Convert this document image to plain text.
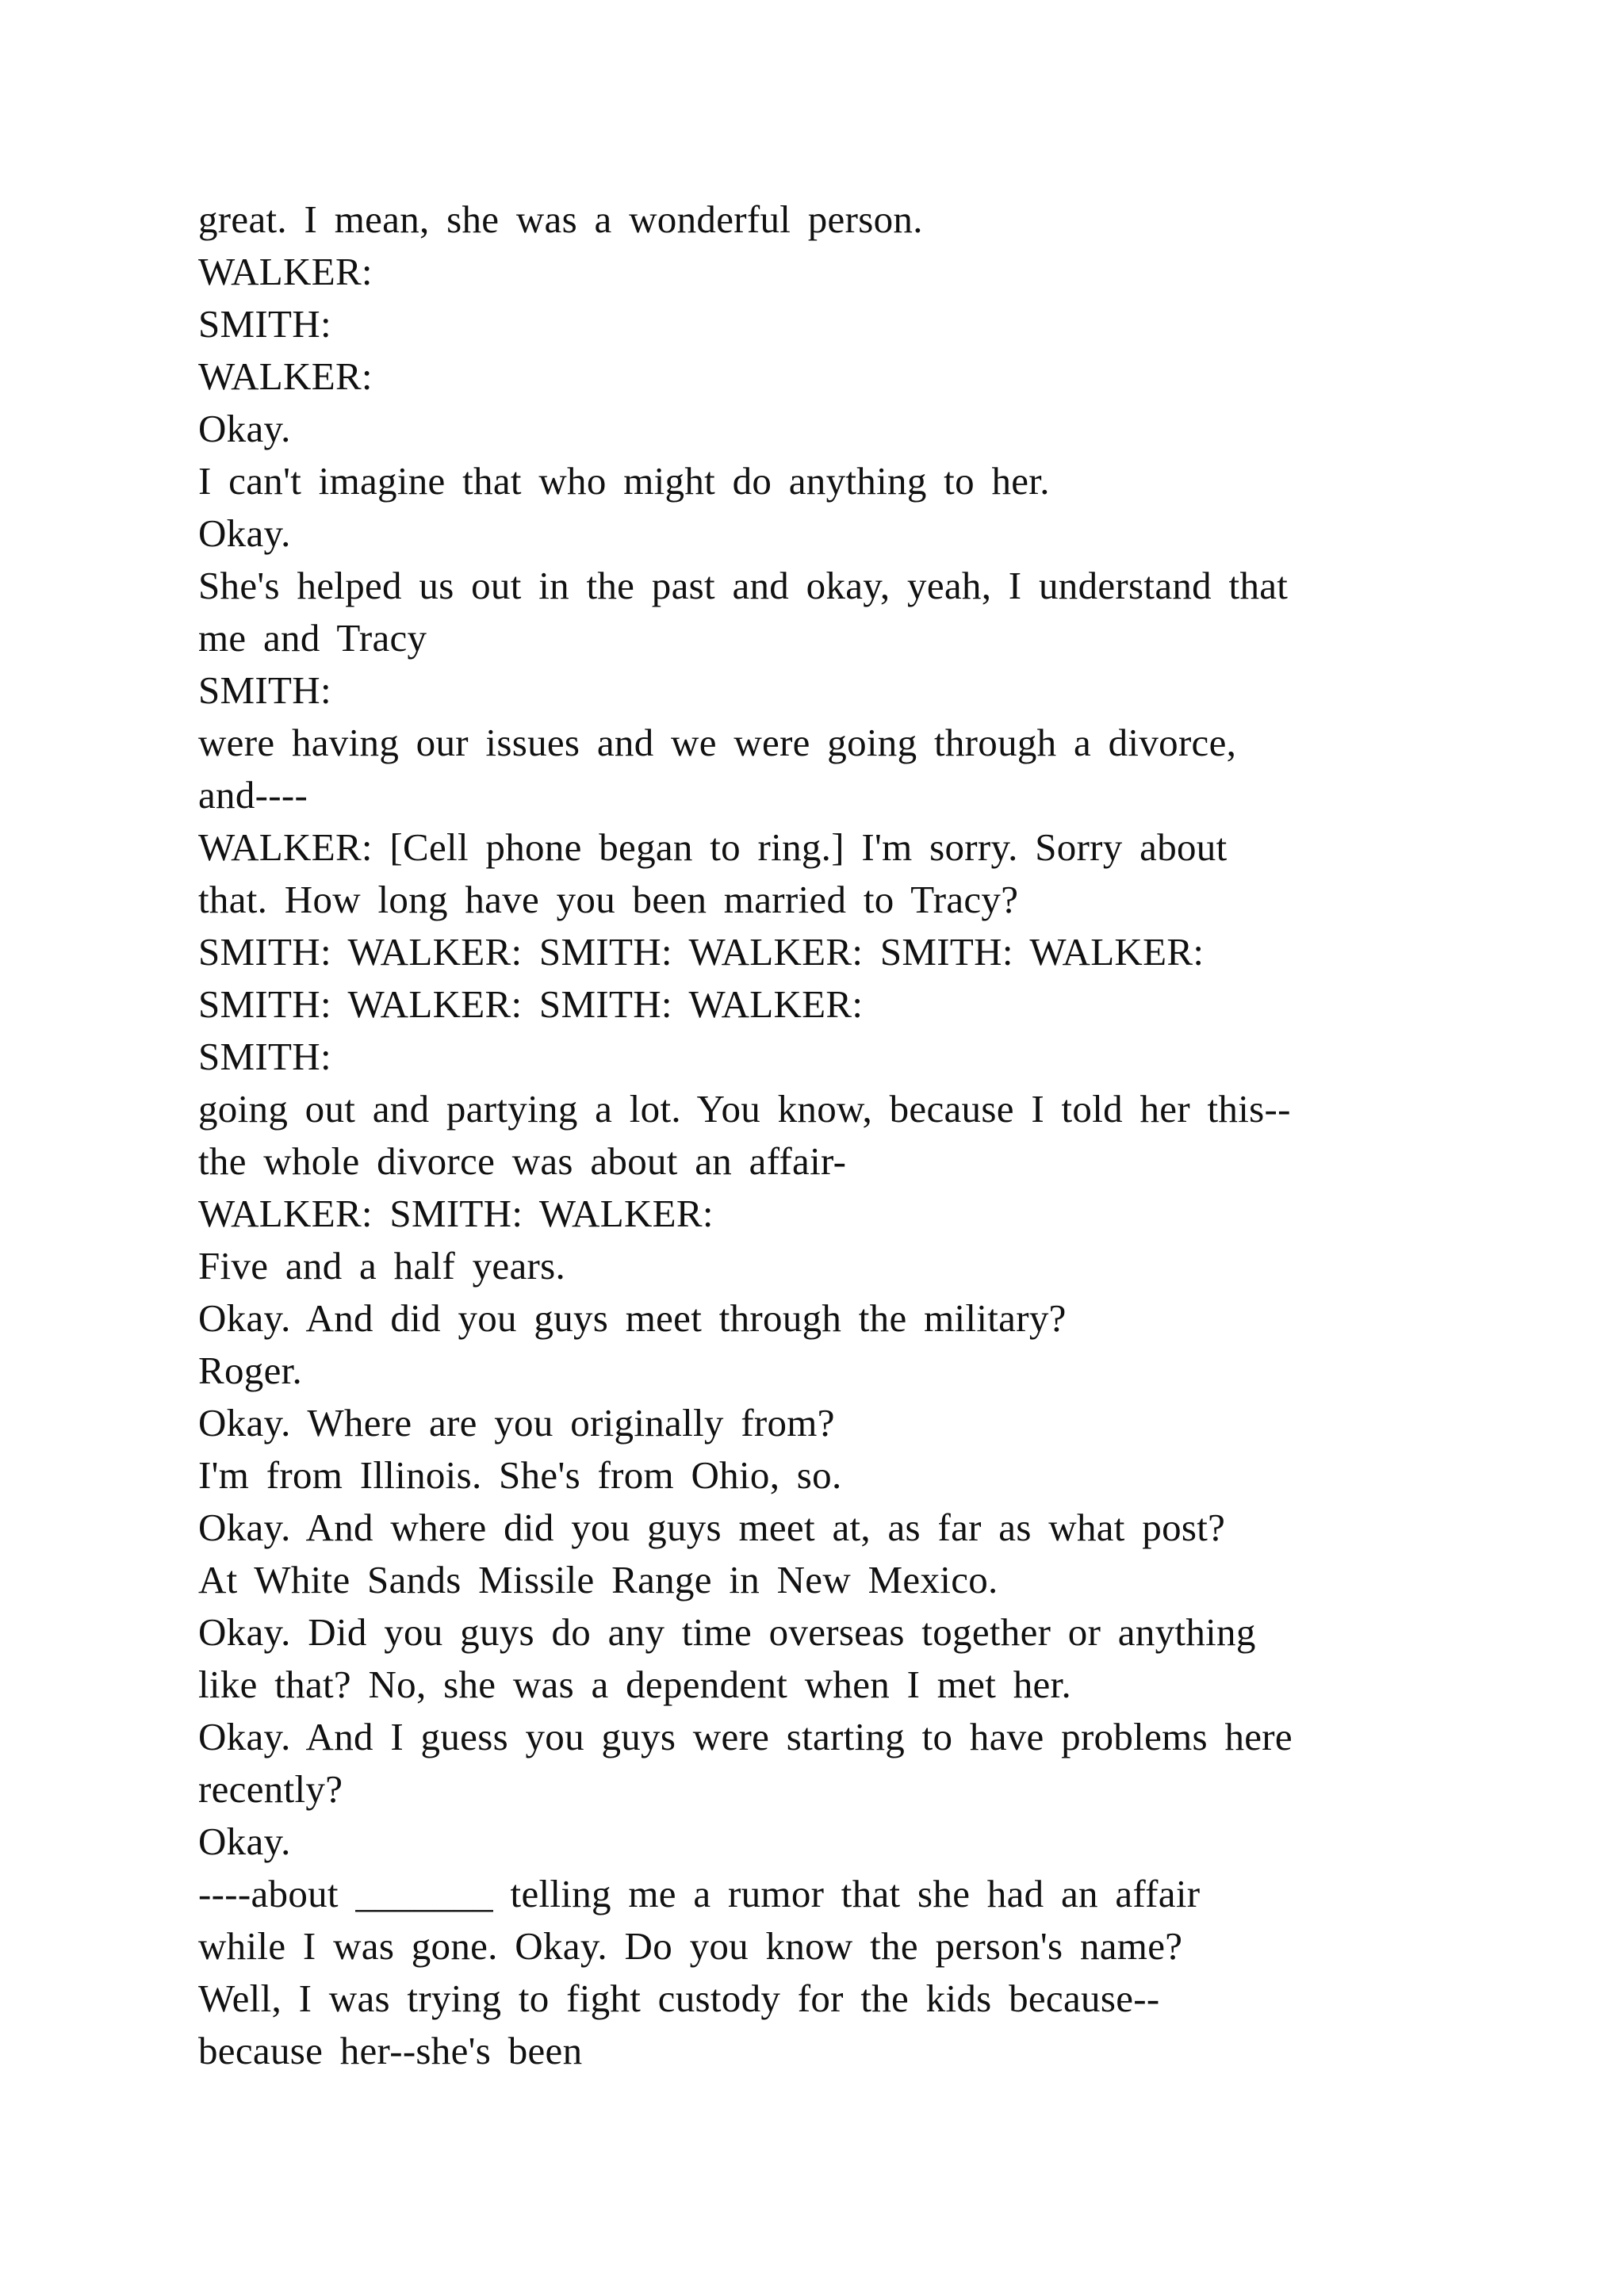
great. I mean, she was a wonderful person.
WALKER:
SMITH:
WALKER:
Okay.
I can't imagine that who might do anything to her.
Okay.
She's helped us out in the past and okay, yeah, I understand that
me and Tracy
SMITH:
were having our issues and we were going through a divorce,
and----
WALKER: [Cell phone began to ring.] I'm sorry. Sorry about
that. How long have you been married to Tracy?
SMITH: WALKER: SMITH: WALKER: SMITH: WALKER:
SMITH: WALKER: SMITH: WALKER:
SMITH:
going out and partying a lot. You know, because I told her this--
the whole divorce was about an affair-
WALKER: SMITH: WALKER:
Five and a half years.
Okay. And did you guys meet through the military?
Roger.
Okay. Where are you originally from?
I'm from Illinois. She's from Ohio, so.
Okay. And where did you guys meet at, as far as what post?
At White Sands Missile Range in New Mexico.
Okay. Did you guys do any time overseas together or anything
like that? No, she was a dependent when I met her.
Okay. And I guess you guys were starting to have problems here
recently?
Okay.
----about _______ telling me a rumor that she had an affair
while I was gone. Okay. Do you know the person's name?
Well, I was trying to fight custody for the kids because--
because her--she's been
